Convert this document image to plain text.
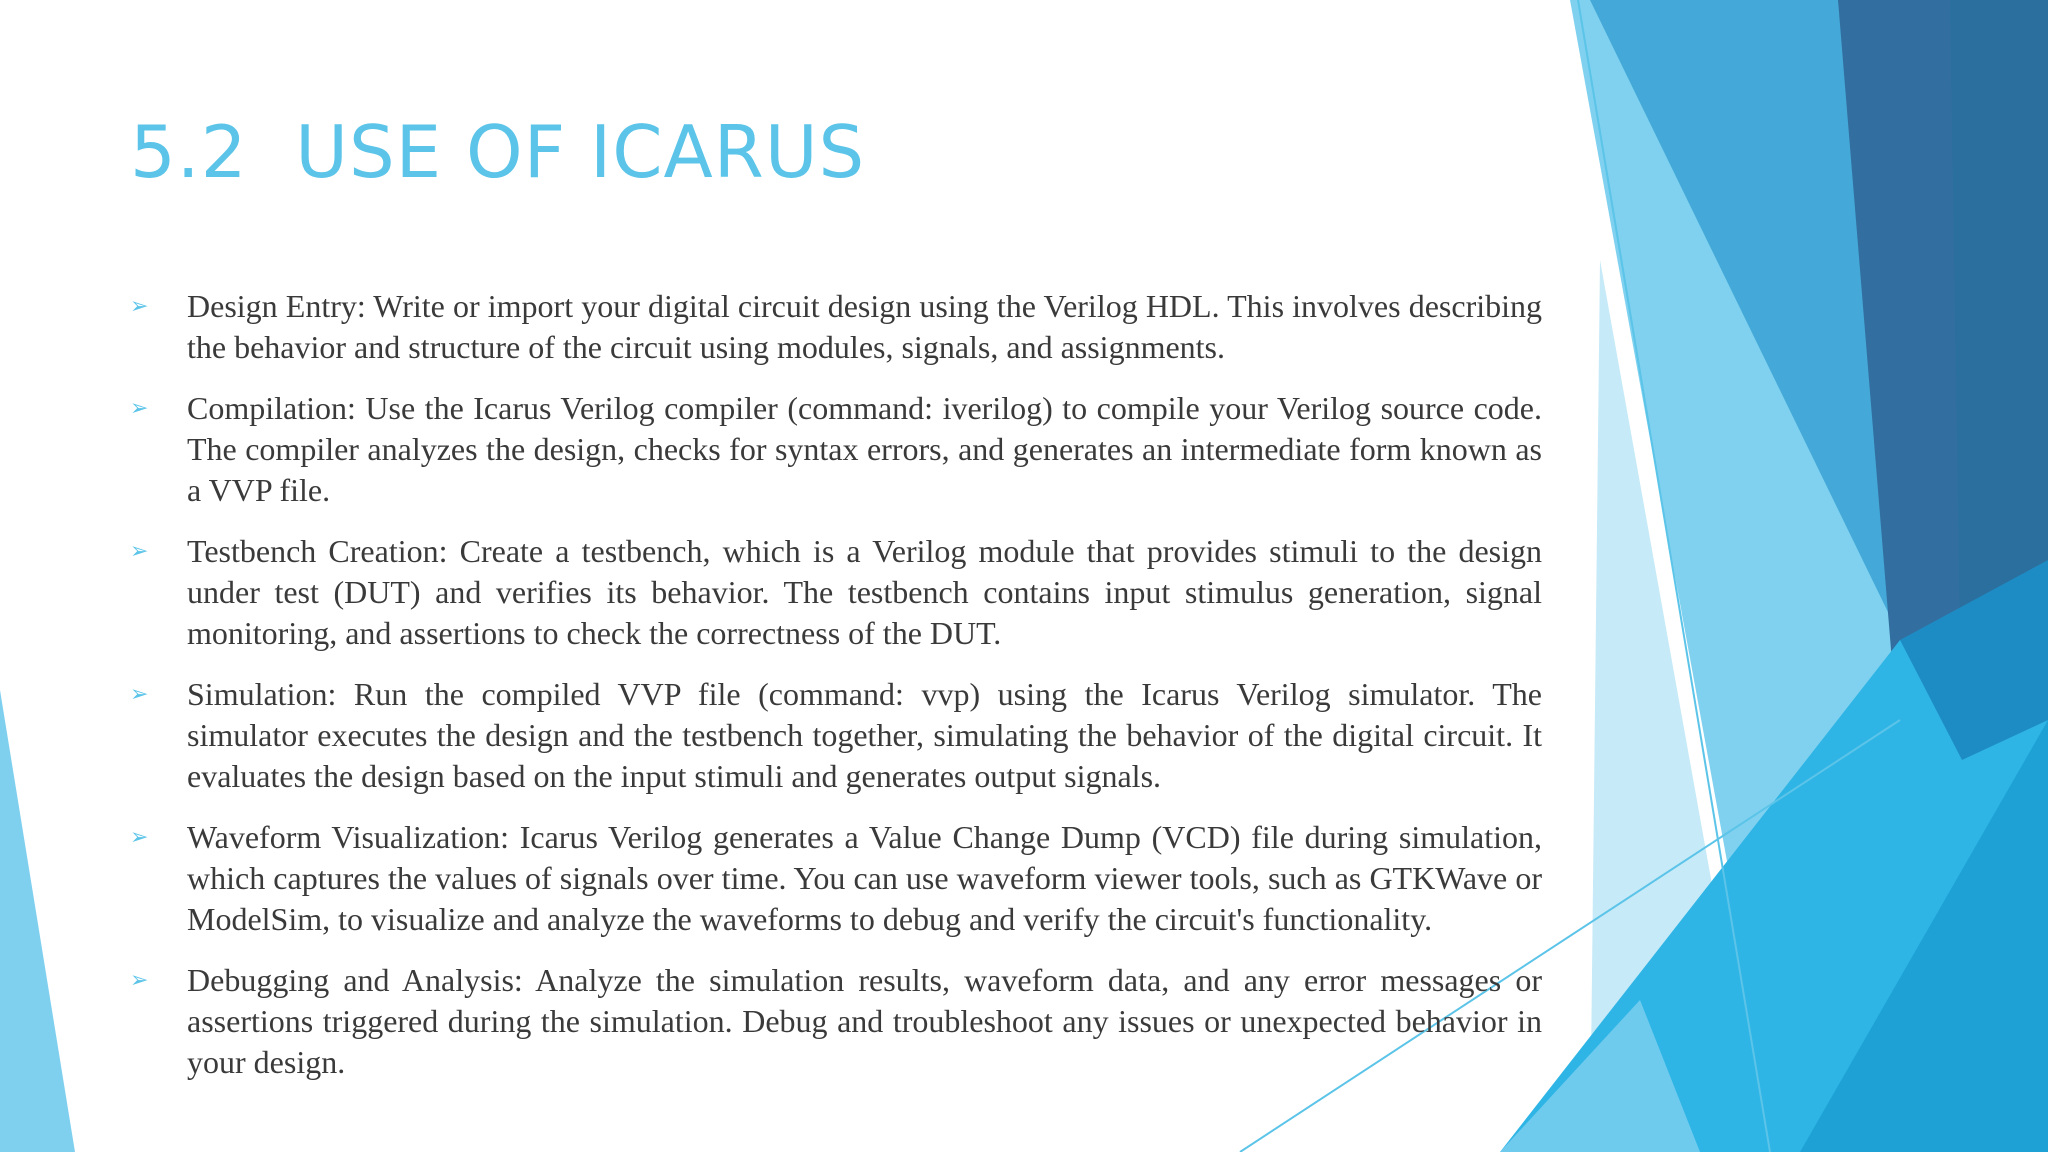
5.2  USE OF ICARUS
➢ Design Entry: Write or import your digital circuit design using the Verilog HDL. This involves describing the behavior and structure of the circuit using modules, signals, and assignments.
➢ Compilation: Use the Icarus Verilog compiler (command: iverilog) to compile your Verilog source code. The compiler analyzes the design, checks for syntax errors, and generates an intermediate form known as a VVP file.
➢ Testbench Creation: Create a testbench, which is a Verilog module that provides stimuli to the design under test (DUT) and verifies its behavior. The testbench contains input stimulus generation, signal monitoring, and assertions to check the correctness of the DUT.
➢ Simulation: Run the compiled VVP file (command: vvp) using the Icarus Verilog simulator. The simulator executes the design and the testbench together, simulating the behavior of the digital circuit. It evaluates the design based on the input stimuli and generates output signals.
➢ Waveform Visualization: Icarus Verilog generates a Value Change Dump (VCD) file during simulation, which captures the values of signals over time. You can use waveform viewer tools, such as GTKWave or ModelSim, to visualize and analyze the waveforms to debug and verify the circuit's functionality.
➢ Debugging and Analysis: Analyze the simulation results, waveform data, and any error messages or assertions triggered during the simulation. Debug and troubleshoot any issues or unexpected behavior in your design.
